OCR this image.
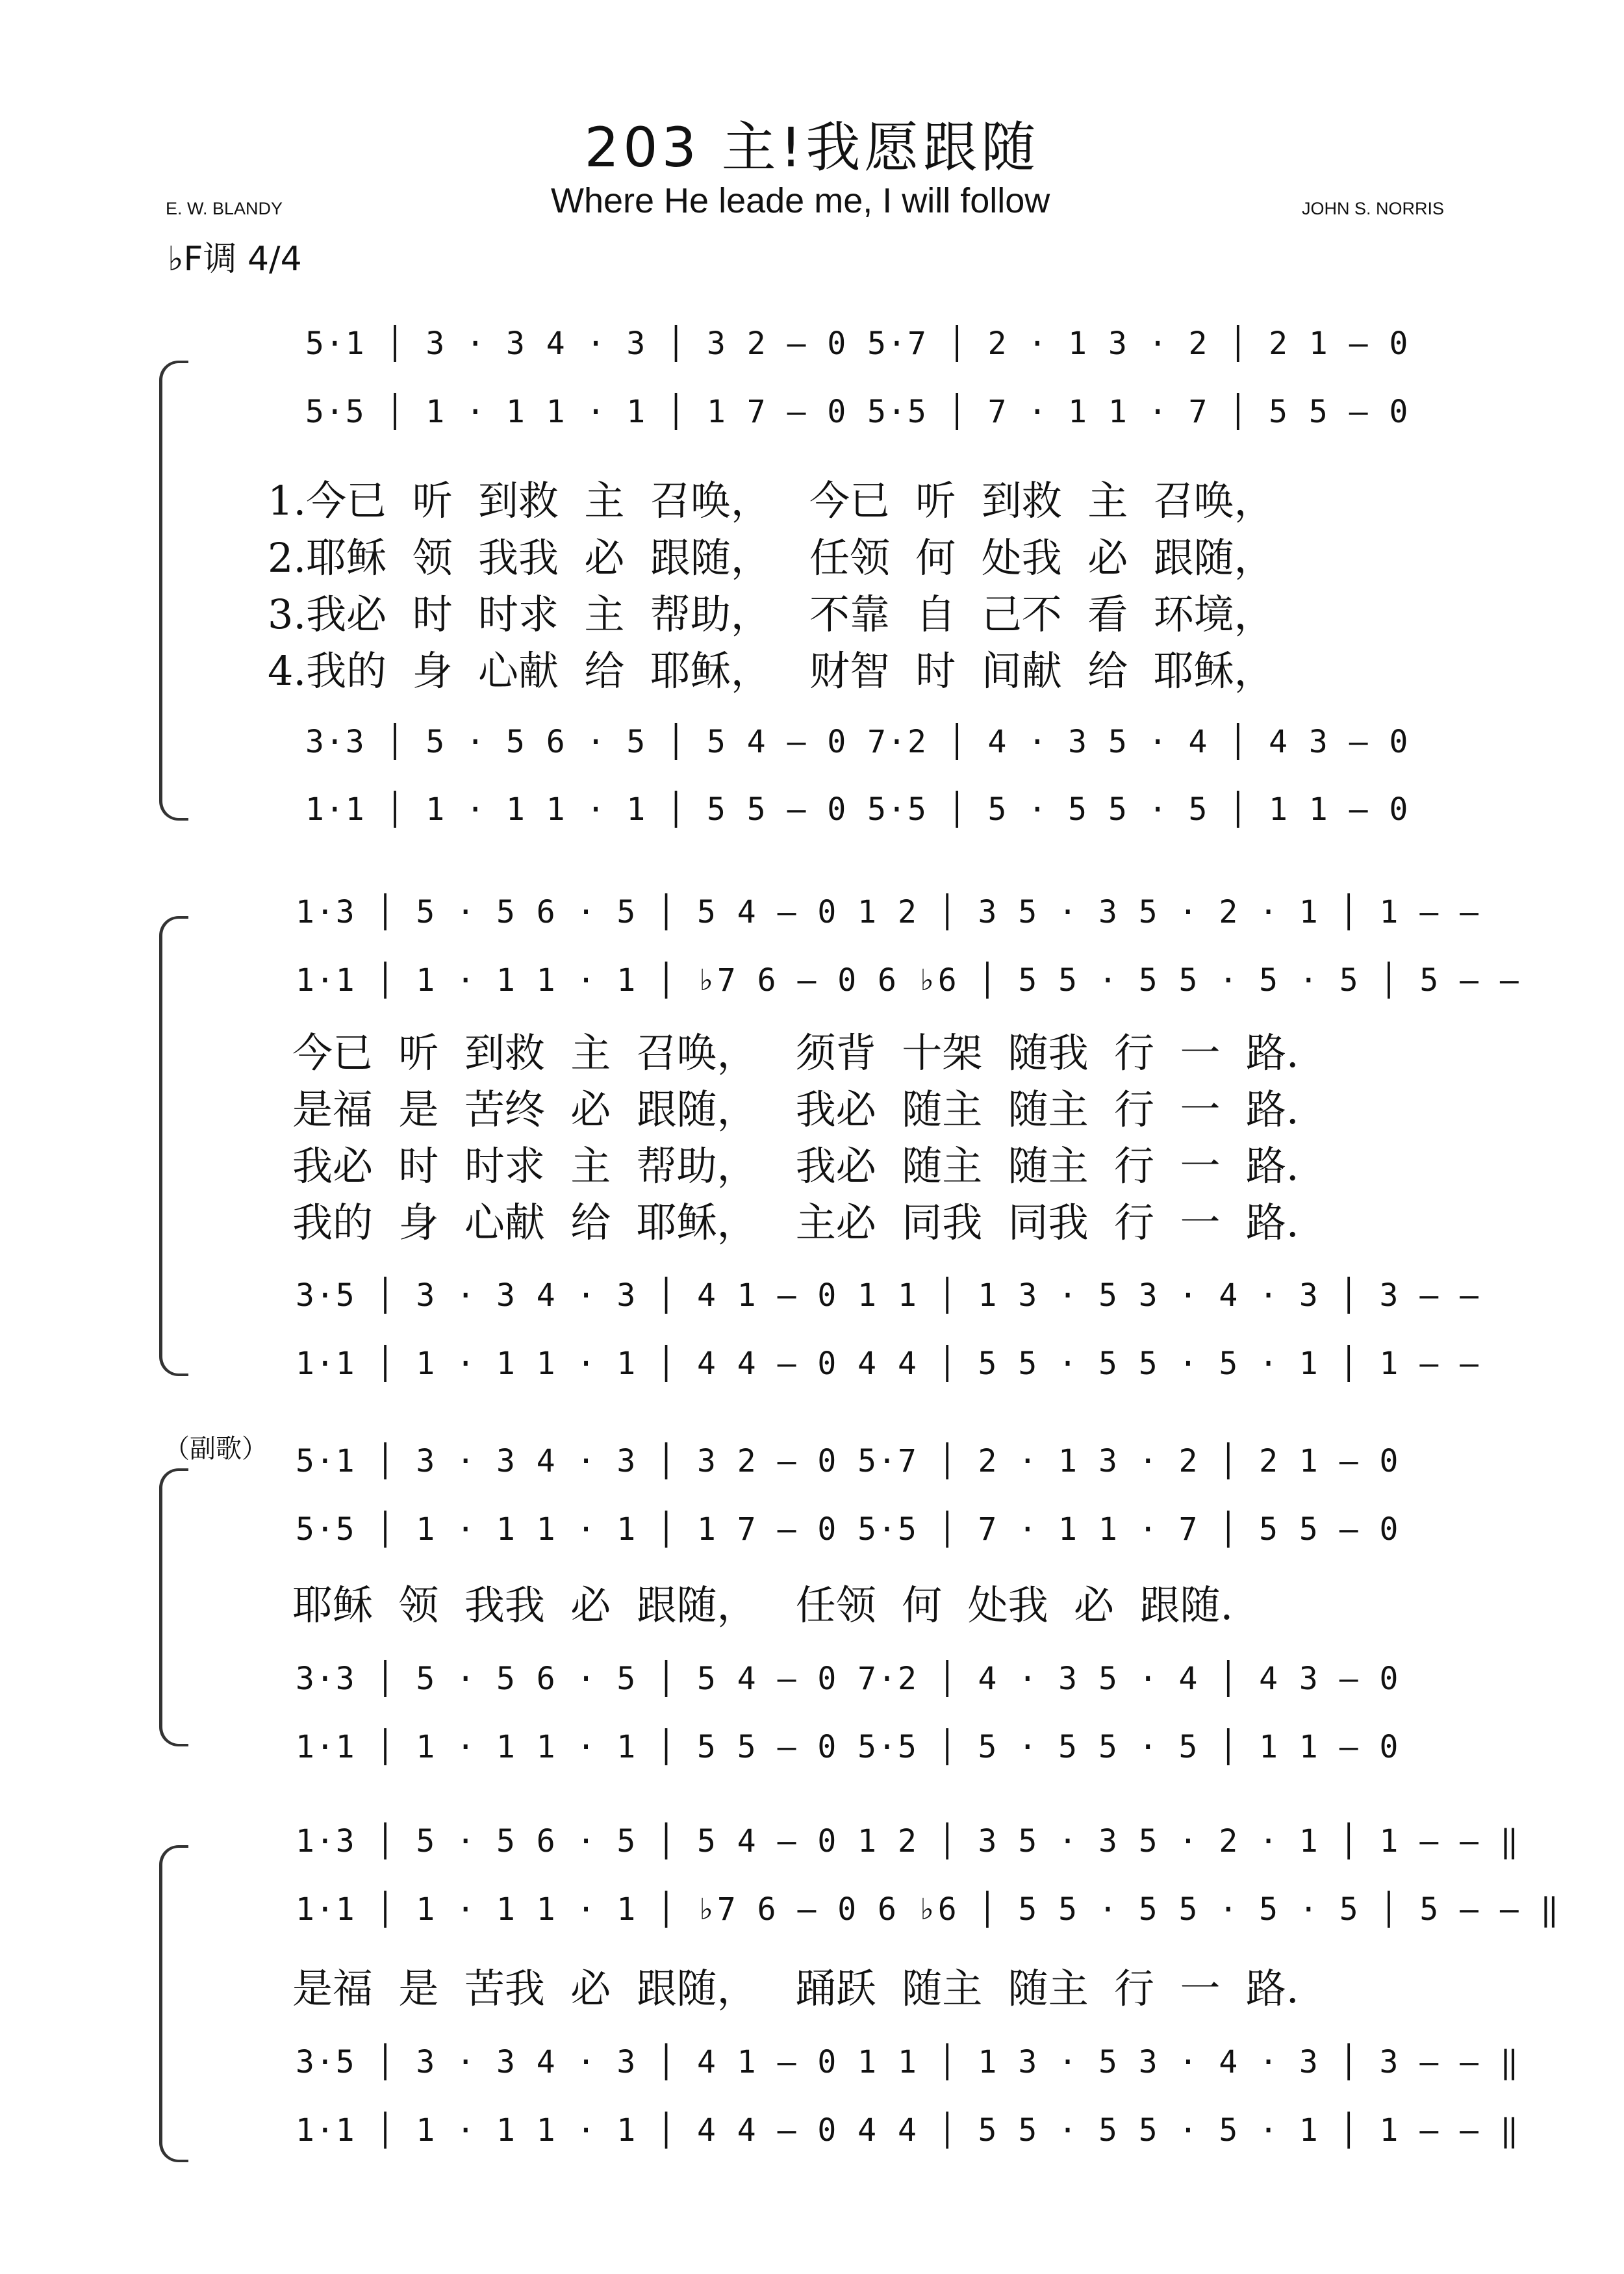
203 主!我愿跟随
E. W. BLANDY	Where He leade me, I will follow	JOHN S. NORRIS
♭F调 4/4
5·1 │ 3 · 3 4 · 3 │ 3 2 — 0 5·7 │ 2 · 1 3 · 2 │ 2 1 — 0
5·5 │ 1 · 1 1 · 1 │ 1 7 — 0 5·5 │ 7 · 1 1 · 7 │ 5 5 — 0
1.今已  听  到救  主  召唤，   今已  听  到救  主  召唤，
2.耶稣  领  我我  必  跟随，   任领  何  处我  必  跟随，
3.我必  时  时求  主  帮助，   不靠  自  己不  看  环境，
4.我的  身  心献  给  耶稣，   财智  时  间献  给  耶稣，
3·3 │ 5 · 5 6 · 5 │ 5 4 — 0 7·2 │ 4 · 3 5 · 4 │ 4 3 — 0
1·1 │ 1 · 1 1 · 1 │ 5 5 — 0 5·5 │ 5 · 5 5 · 5 │ 1 1 — 0
1·3 │ 5 · 5 6 · 5 │ 5 4 — 0 1 2 │ 3 5 · 3 5 · 2 · 1 │ 1 — —
1·1 │ 1 · 1 1 · 1 │ ♭7 6 — 0 6 ♭6 │ 5 5 · 5 5 · 5 · 5 │ 5 — —
今已  听  到救  主  召唤，   须背  十架  随我  行  一  路.
是福  是  苦终  必  跟随，   我必  随主  随主  行  一  路.
我必  时  时求  主  帮助，   我必  随主  随主  行  一  路.
我的  身  心献  给  耶稣，   主必  同我  同我  行  一  路.
3·5 │ 3 · 3 4 · 3 │ 4 1 — 0 1 1 │ 1 3 · 5 3 · 4 · 3 │ 3 — —
1·1 │ 1 · 1 1 · 1 │ 4 4 — 0 4 4 │ 5 5 · 5 5 · 5 · 1 │ 1 — —
（副歌） 5·1 │ 3 · 3 4 · 3 │ 3 2 — 0 5·7 │ 2 · 1 3 · 2 │ 2 1 — 0
5·5 │ 1 · 1 1 · 1 │ 1 7 — 0 5·5 │ 7 · 1 1 · 7 │ 5 5 — 0
耶稣  领  我我  必  跟随，   任领  何  处我  必  跟随.
3·3 │ 5 · 5 6 · 5 │ 5 4 — 0 7·2 │ 4 · 3 5 · 4 │ 4 3 — 0
1·1 │ 1 · 1 1 · 1 │ 5 5 — 0 5·5 │ 5 · 5 5 · 5 │ 1 1 — 0
1·3 │ 5 · 5 6 · 5 │ 5 4 — 0 1 2 │ 3 5 · 3 5 · 2 · 1 │ 1 — — ‖
1·1 │ 1 · 1 1 · 1 │ ♭7 6 — 0 6 ♭6 │ 5 5 · 5 5 · 5 · 5 │ 5 — — ‖
是福  是  苦我  必  跟随，   踊跃  随主  随主  行  一  路.
3·5 │ 3 · 3 4 · 3 │ 4 1 — 0 1 1 │ 1 3 · 5 3 · 4 · 3 │ 3 — — ‖
1·1 │ 1 · 1 1 · 1 │ 4 4 — 0 4 4 │ 5 5 · 5 5 · 5 · 1 │ 1 — — ‖
